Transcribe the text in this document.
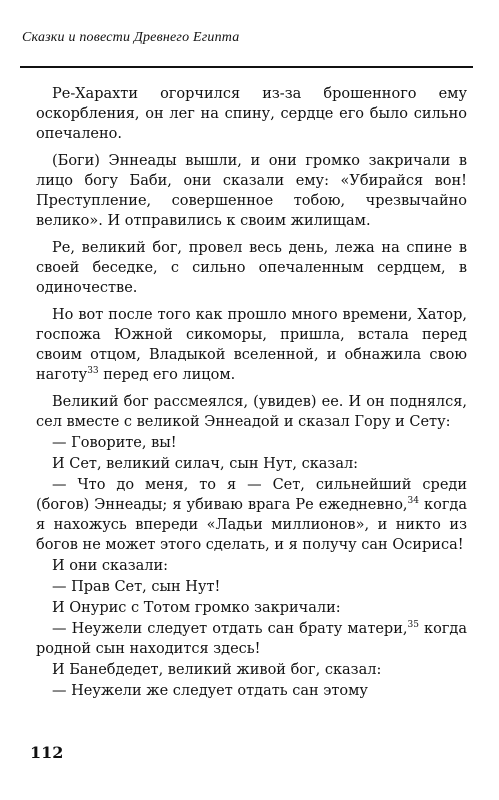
Сказки и повести Древнего Египта

Ре-Харахти огорчился из-за брошенного ему оскорбления, он лег на спину, сердце его было сильно опечалено.

(Боги) Эннеады вышли, и они громко закричали в лицо богу Баби, они сказали ему: «Убирайся вон! Преступление, совершенное тобою, чрезвычайно велико». И отправились к своим жилищам.

Ре, великий бог, провел весь день, лежа на спине в своей беседке, с сильно опечаленным сердцем, в одиночестве.

Но вот после того как прошло много времени, Хатор, госпожа Южной сикоморы, пришла, встала перед своим отцом, Владыкой вселенной, и обнажила свою наготу$^{33}$ перед его лицом.

Великий бог рассмеялся, (увидев) ее. И он поднялся, сел вместе с великой Эннеадой и сказал Гору и Сету:

— Говорите, вы!

И Сет, великий силач, сын Нут, сказал:

— Что до меня, то я — Сет, сильнейший среди (богов) Эннеады; я убиваю врага Ре ежедневно,$^{34}$ когда я нахожусь впереди «Ладьи миллионов», и никто из богов не может этого сделать, и я получу сан Осириса!

И они сказали:

— Прав Сет, сын Нут!

И Онурис с Тотом громко закричали:

— Неужели следует отдать сан брату матери,$^{35}$ когда родной сын находится здесь!

И Банебдедет, великий живой бог, сказал:

— Неужели же следует отдать сан этому

112
